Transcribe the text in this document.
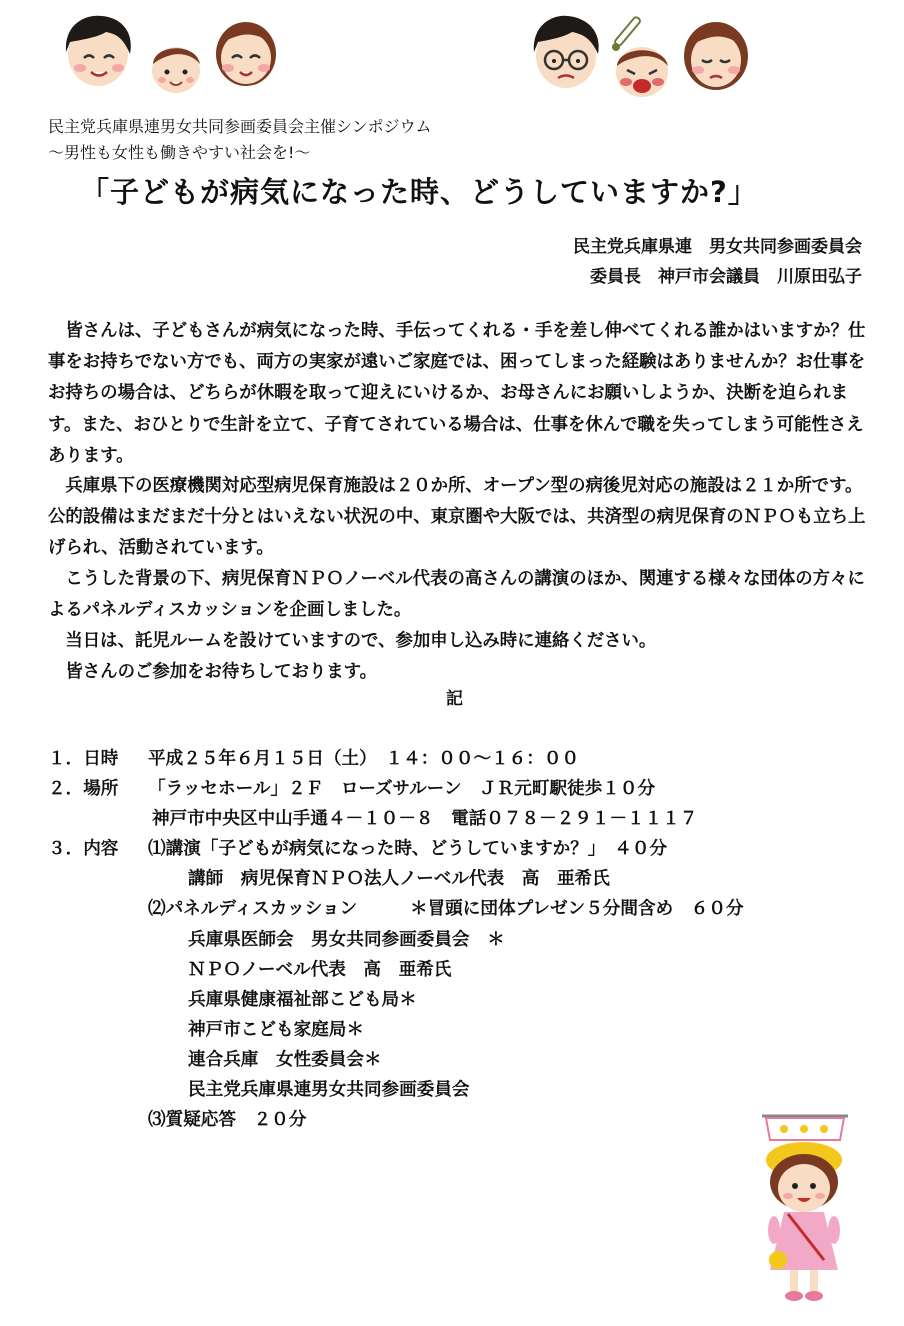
民主党兵庫県連男女共同参画委員会主催シンポジウム
〜男性も女性も働きやすい社会を!〜
「子どもが病気になった時、どうしていますか?」
民主党兵庫県連　男女共同参画委員会
委員長　神戸市会議員　川原田弘子
皆さんは、子どもさんが病気になった時、手伝ってくれる・手を差し伸べてくれる誰かはいますか？仕事をお持ちでない方でも、両方の実家が遠いご家庭では、困ってしまった経験はありませんか？お仕事をお持ちの場合は、どちらが休暇を取って迎えにいけるか、お母さんにお願いしようか、決断を迫られます。また、おひとりで生計を立て、子育てされている場合は、仕事を休んで職を失ってしまう可能性さえあります。
兵庫県下の医療機関対応型病児保育施設は２０か所、オープン型の病後児対応の施設は２１か所です。公的設備はまだまだ十分とはいえない状況の中、東京圏や大阪では、共済型の病児保育のＮＰＯも立ち上げられ、活動されています。
こうした背景の下、病児保育ＮＰＯノーベル代表の高さんの講演のほか、関連する様々な団体の方々によるパネルディスカッションを企画しました。
当日は、託児ルームを設けていますので、参加申し込み時に連絡ください。
皆さんのご参加をお待ちしております。
記
１．日時 平成２５年６月１５日（土）　１４：００〜１６：００
２．場所 「ラッセホール」２Ｆ　ローズサルーン　ＪＲ元町駅徒歩１０分
神戸市中央区中山手通４－１０－８　電話０７８－２９１－１１１７
３．内容 ⑴講演「子どもが病気になった時、どうしていますか？」　４０分
講師　病児保育ＮＰＯ法人ノーベル代表　高　亜希氏
⑵パネルディスカッション　　　＊冒頭に団体プレゼン５分間含め　６０分
兵庫県医師会　男女共同参画委員会　＊
ＮＰＯノーベル代表　高　亜希氏
兵庫県健康福祉部こども局＊
神戸市こども家庭局＊
連合兵庫　女性委員会＊
民主党兵庫県連男女共同参画委員会
⑶質疑応答　２０分
